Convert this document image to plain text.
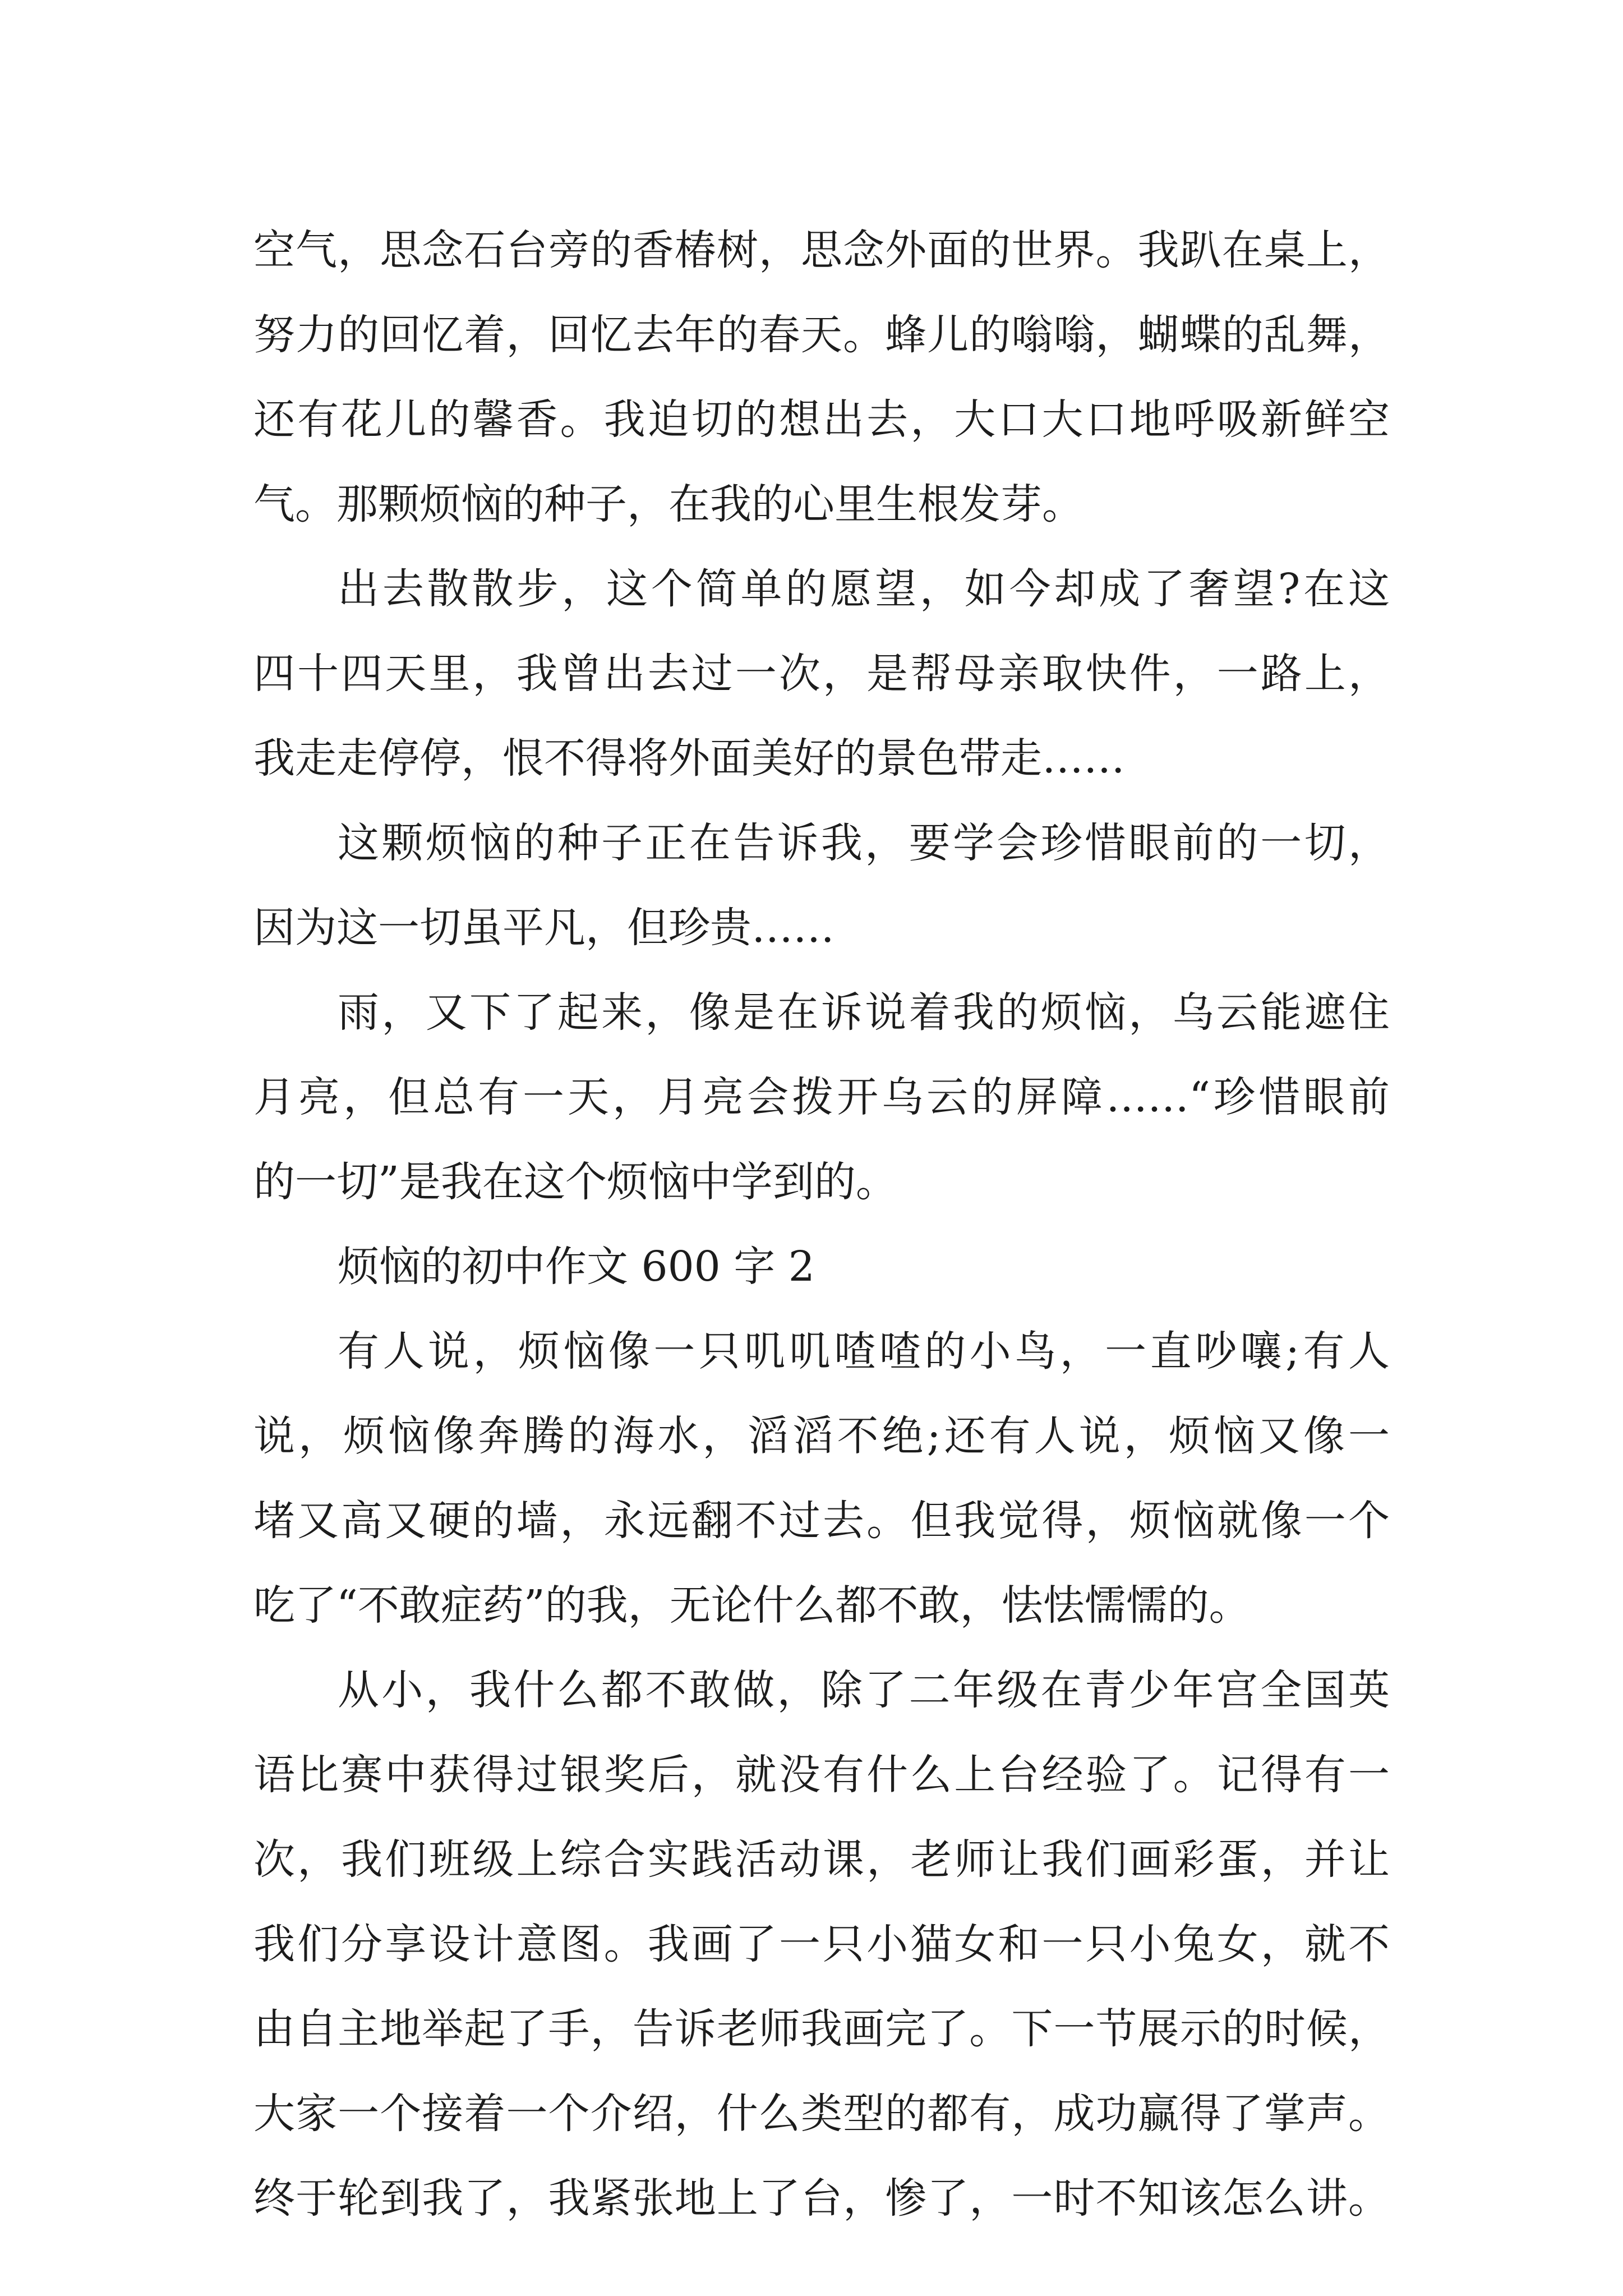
空气，思念石台旁的香椿树，思念外面的世界。我趴在桌上，
努力的回忆着，回忆去年的春天。蜂儿的嗡嗡，蝴蝶的乱舞，
还有花儿的馨香。我迫切的想出去，大口大口地呼吸新鲜空
气。那颗烦恼的种子，在我的心里生根发芽。
出去散散步，这个简单的愿望，如今却成了奢望?在这
四十四天里，我曾出去过一次，是帮母亲取快件，一路上，
我走走停停，恨不得将外面美好的景色带走……
这颗烦恼的种子正在告诉我，要学会珍惜眼前的一切，
因为这一切虽平凡，但珍贵……
雨，又下了起来，像是在诉说着我的烦恼，乌云能遮住
月亮，但总有一天，月亮会拨开乌云的屏障……“珍惜眼前
的一切”是我在这个烦恼中学到的。
烦恼的初中作文 600 字 2
有人说，烦恼像一只叽叽喳喳的小鸟，一直吵嚷;有人
说，烦恼像奔腾的海水，滔滔不绝;还有人说，烦恼又像一
堵又高又硬的墙，永远翻不过去。但我觉得，烦恼就像一个
吃了“不敢症药”的我，无论什么都不敢，怯怯懦懦的。
从小，我什么都不敢做，除了二年级在青少年宫全国英
语比赛中获得过银奖后，就没有什么上台经验了。记得有一
次，我们班级上综合实践活动课，老师让我们画彩蛋，并让
我们分享设计意图。我画了一只小猫女和一只小兔女，就不
由自主地举起了手，告诉老师我画完了。下一节展示的时候，
大家一个接着一个介绍，什么类型的都有，成功赢得了掌声。
终于轮到我了，我紧张地上了台，惨了，一时不知该怎么讲。
